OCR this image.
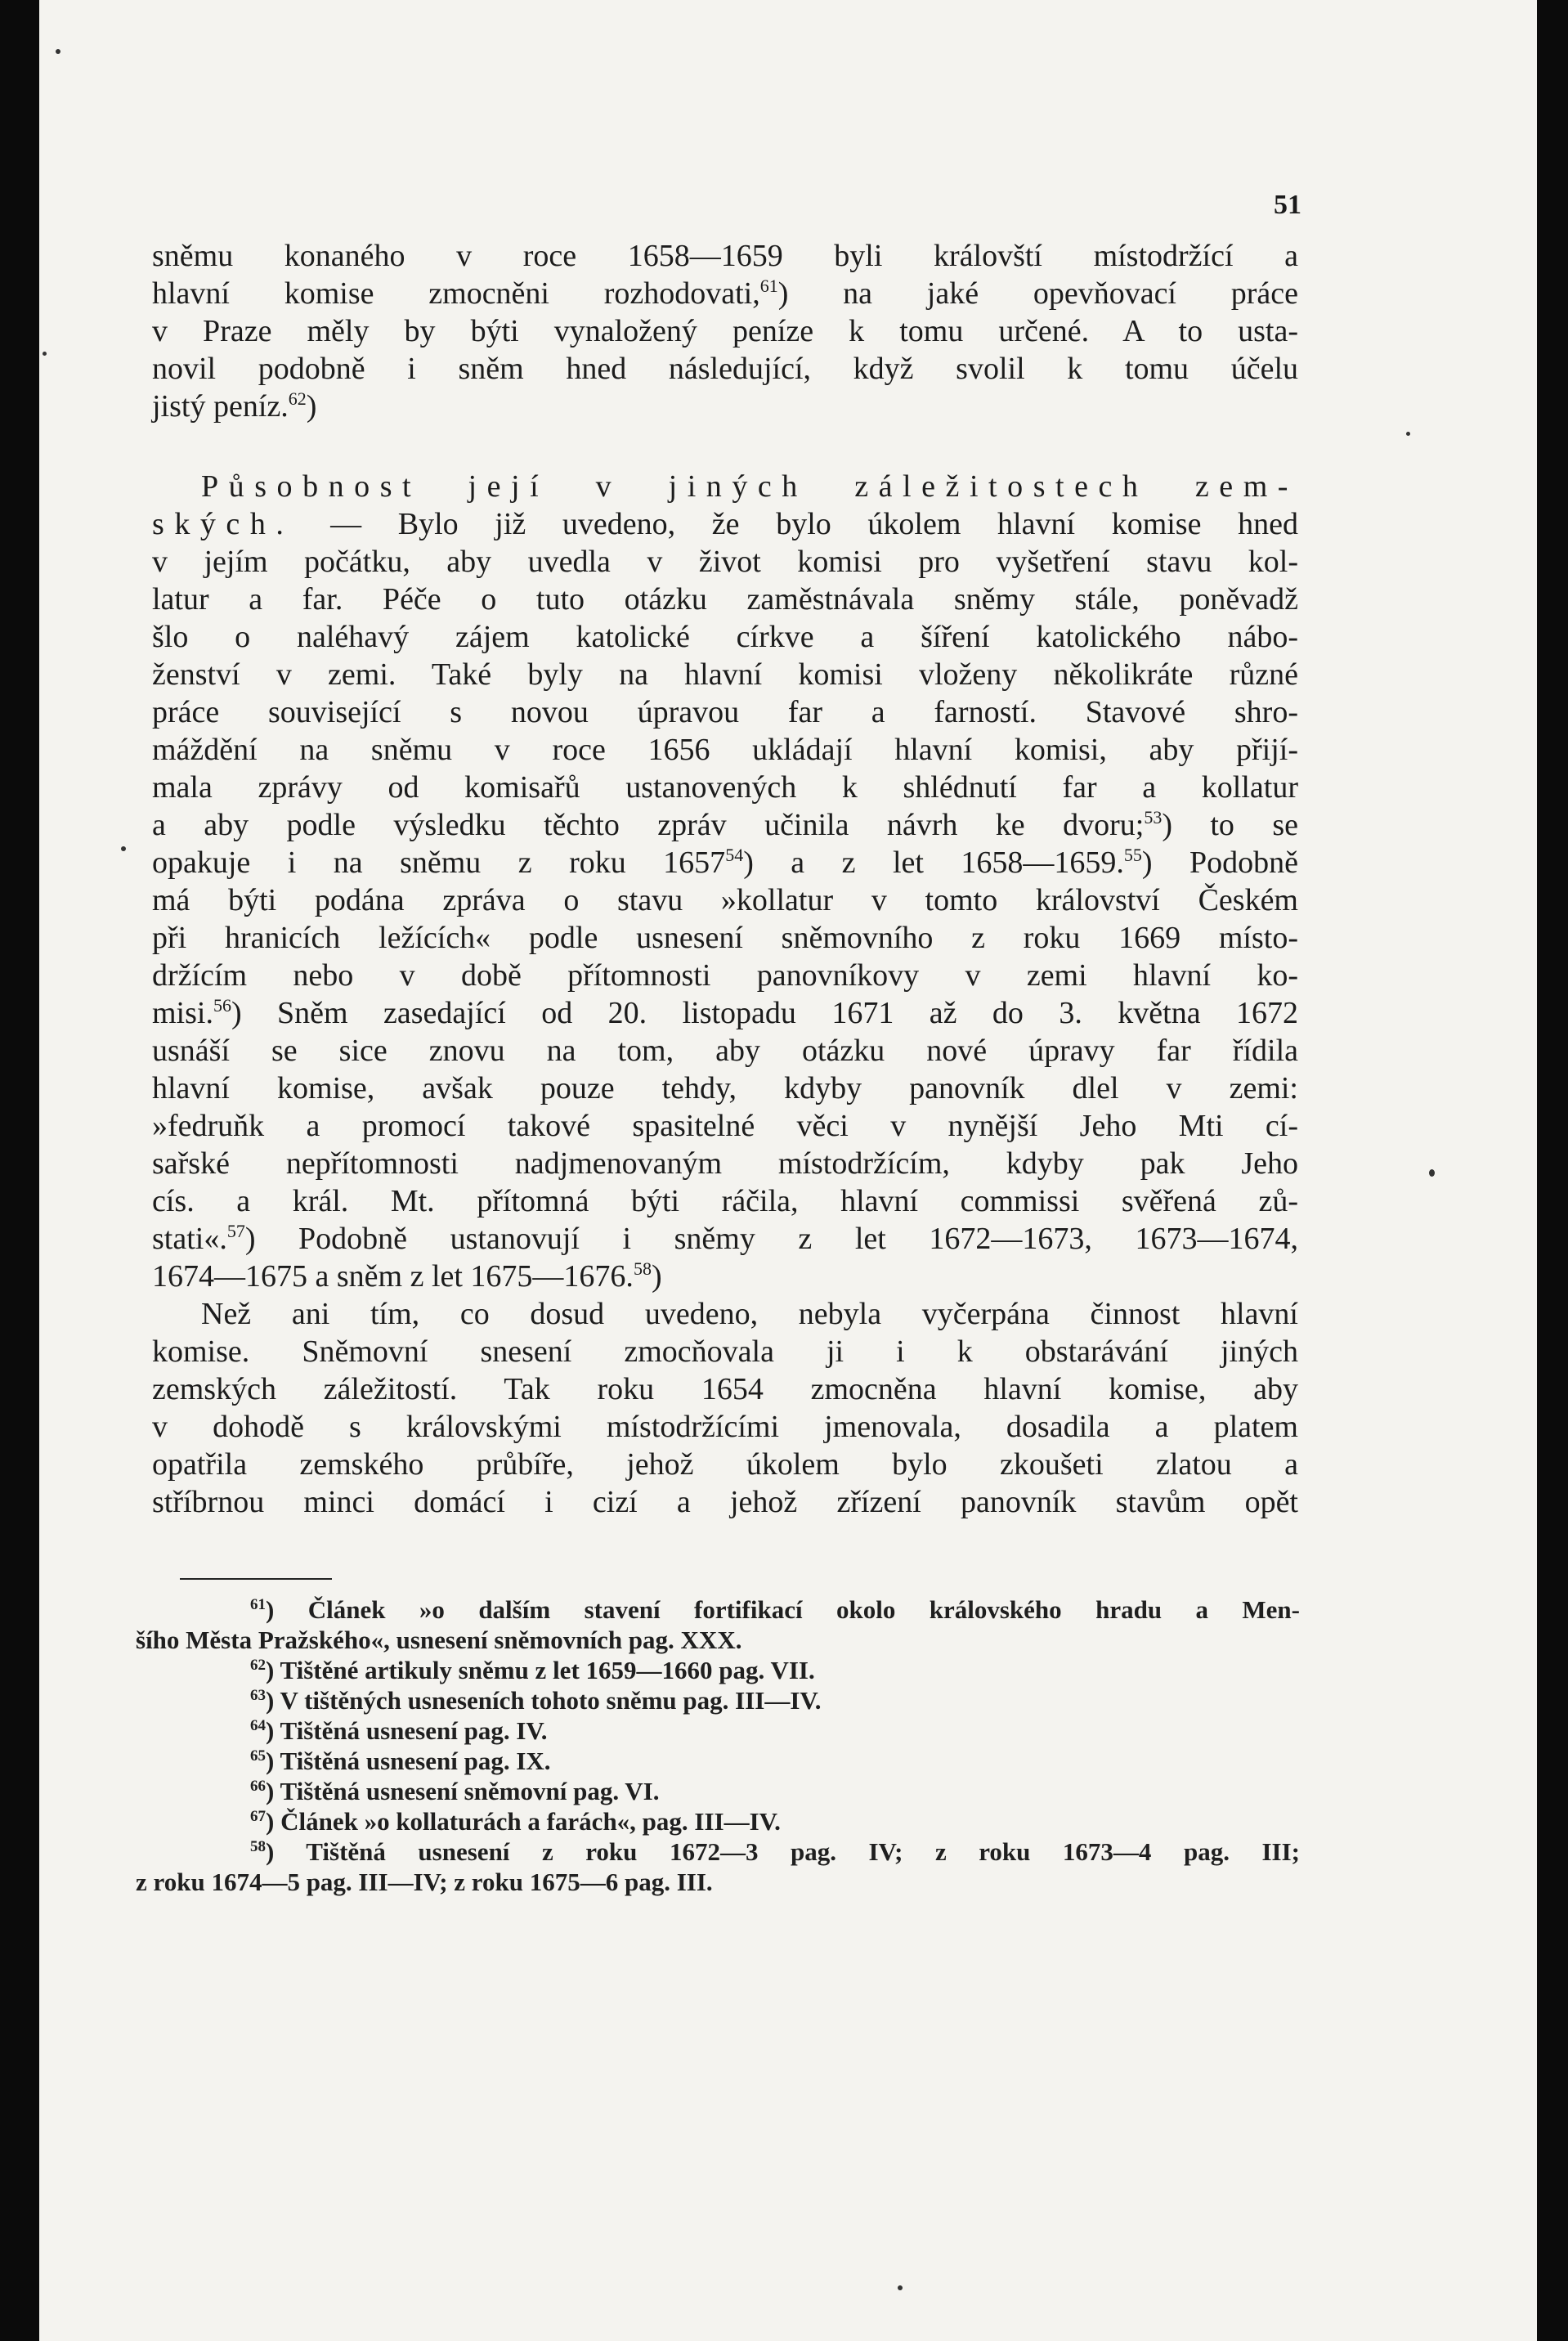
51

sněmu konaného v roce 1658—1659 byli královští místodržící a

hlavní komise zmocněni rozhodovati,$^{61}$) na jaké opevňovací práce

v Praze měly by býti vynaložený peníze k tomu určené. A to usta-

novil podobně i sněm hned následující, když svolil k tomu účelu

jistý peníz.$^{62}$)

Působnost její v jiných záležitostech zem-

ských. — Bylo již uvedeno, že bylo úkolem hlavní komise hned

v jejím počátku, aby uvedla v život komisi pro vyšetření stavu kol-

latur a far. Péče o tuto otázku zaměstnávala sněmy stále, poněvadž

šlo o naléhavý zájem katolické církve a šíření katolického nábo-

ženství v zemi. Také byly na hlavní komisi vloženy několikráte různé

práce související s novou úpravou far a farností. Stavové shro-

máždění na sněmu v roce 1656 ukládají hlavní komisi, aby přijí-

mala zprávy od komisařů ustanovených k shlédnutí far a kollatur

a aby podle výsledku těchto zpráv učinila návrh ke dvoru;$^{53}$) to se

opakuje i na sněmu z roku 1657$^{54}$) a z let 1658—1659.55) Podobně

má býti podána zpráva o stavu »kollatur v tomto království Českém

při hranicích ležících« podle usnesení sněmovního z roku 1669 místo-

držícím nebo v době přítomnosti panovníkovy v zemi hlavní ko-

misi.$^{56}$) Sněm zasedající od 20. listopadu 1671 až do 3. května 1672

usnáší se sice znovu na tom, aby otázku nové úpravy far řídila

hlavní komise, avšak pouze tehdy, kdyby panovník dlel v zemi:

»fedruňk a promocí takové spasitelné věci v nynější Jeho Mti cí-

sařské nepřítomnosti nadjmenovaným místodržícím, kdyby pak Jeho

cís. a král. Mt. přítomná býti ráčila, hlavní commissi svěřená zů-

stati«.$^{57}$) Podobně ustanovují i sněmy z let 1672—1673, 1673—1674,

1674—1675 a sněm z let 1675—1676.58)

Než ani tím, co dosud uvedeno, nebyla vyčerpána činnost hlavní

komise. Sněmovní snesení zmocňovala ji i k obstarávání jiných

zemských záležitostí. Tak roku 1654 zmocněna hlavní komise, aby

v dohodě s královskými místodržícími jmenovala, dosadila a platem

opatřila zemského průbíře, jehož úkolem bylo zkoušeti zlatou a

stříbrnou minci domácí i cizí a jehož zřízení panovník stavům opět

$^{61}$) Článek »o dalším stavení fortifikací okolo královského hradu a Men-

šího Města Pražského«, usnesení sněmovních pag. XXX.

$^{62}$) Tištěné artikuly sněmu z let 1659—1660 pag. VII.

$^{63}$) V tištěných usneseních tohoto sněmu pag. III—IV.

$^{64}$) Tištěná usnesení pag. IV.

$^{65}$) Tištěná usnesení pag. IX.

$^{66}$) Tištěná usnesení sněmovní pag. VI.

$^{67}$) Článek »o kollaturách a farách«, pag. III—IV.

$^{58}$) Tištěná usnesení z roku 1672—3 pag. IV; z roku 1673—4 pag. III;

z roku 1674—5 pag. III—IV; z roku 1675—6 pag. III.
